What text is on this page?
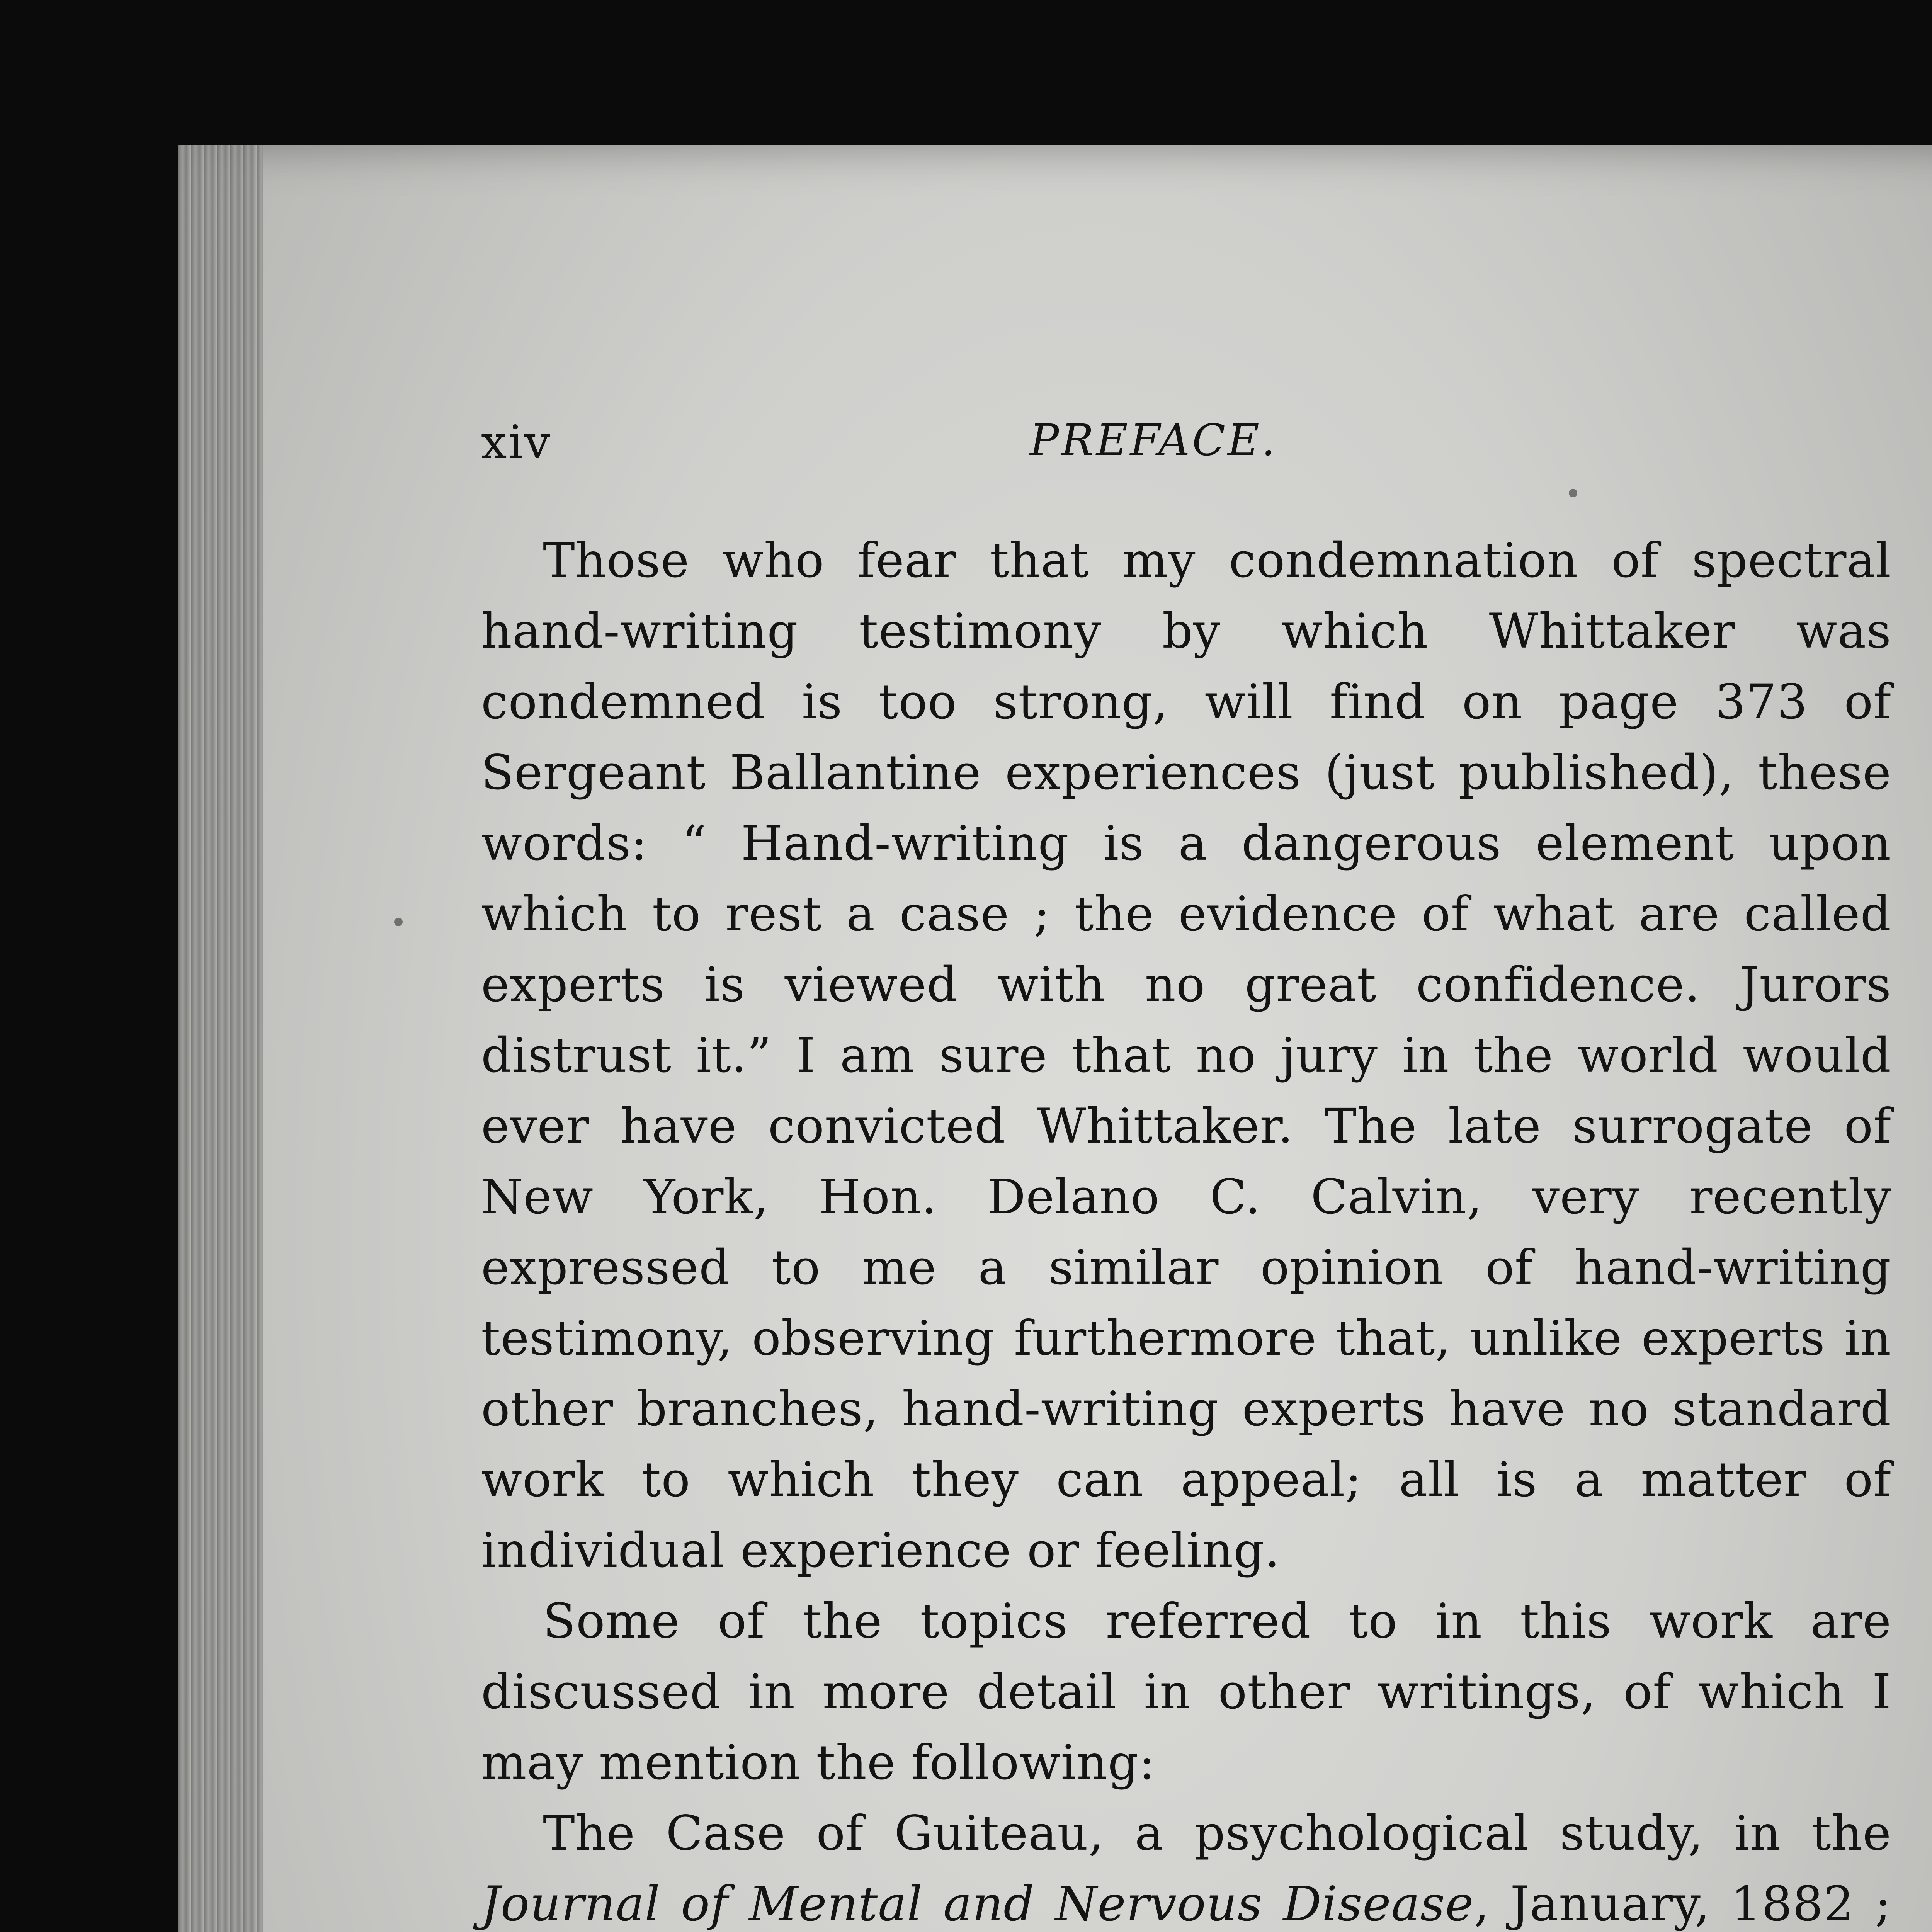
xiv	PREFACE.

Those who fear that my condemnation of spectral hand-writing testimony by which Whittaker was condemned is too strong, will find on page 373 of Sergeant Ballantine experiences (just published), these words: “ Hand-writing is a dangerous element upon which to rest a case ; the evidence of what are called experts is viewed with no great confidence. Jurors distrust it.” I am sure that no jury in the world would ever have convicted Whittaker. The late surrogate of New York, Hon. Delano C. Calvin, very recently expressed to me a similar opinion of hand-writing testimony, observing furthermore that, unlike experts in other branches, hand-writing experts have no standard work to which they can appeal; all is a matter of individual experience or feeling.

Some of the topics referred to in this work are discussed in more detail in other writings, of which I may mention the following:

The Case of Guiteau, a psychological study, in the Journal of Mental and Nervous Disease, January, 1882 ;
